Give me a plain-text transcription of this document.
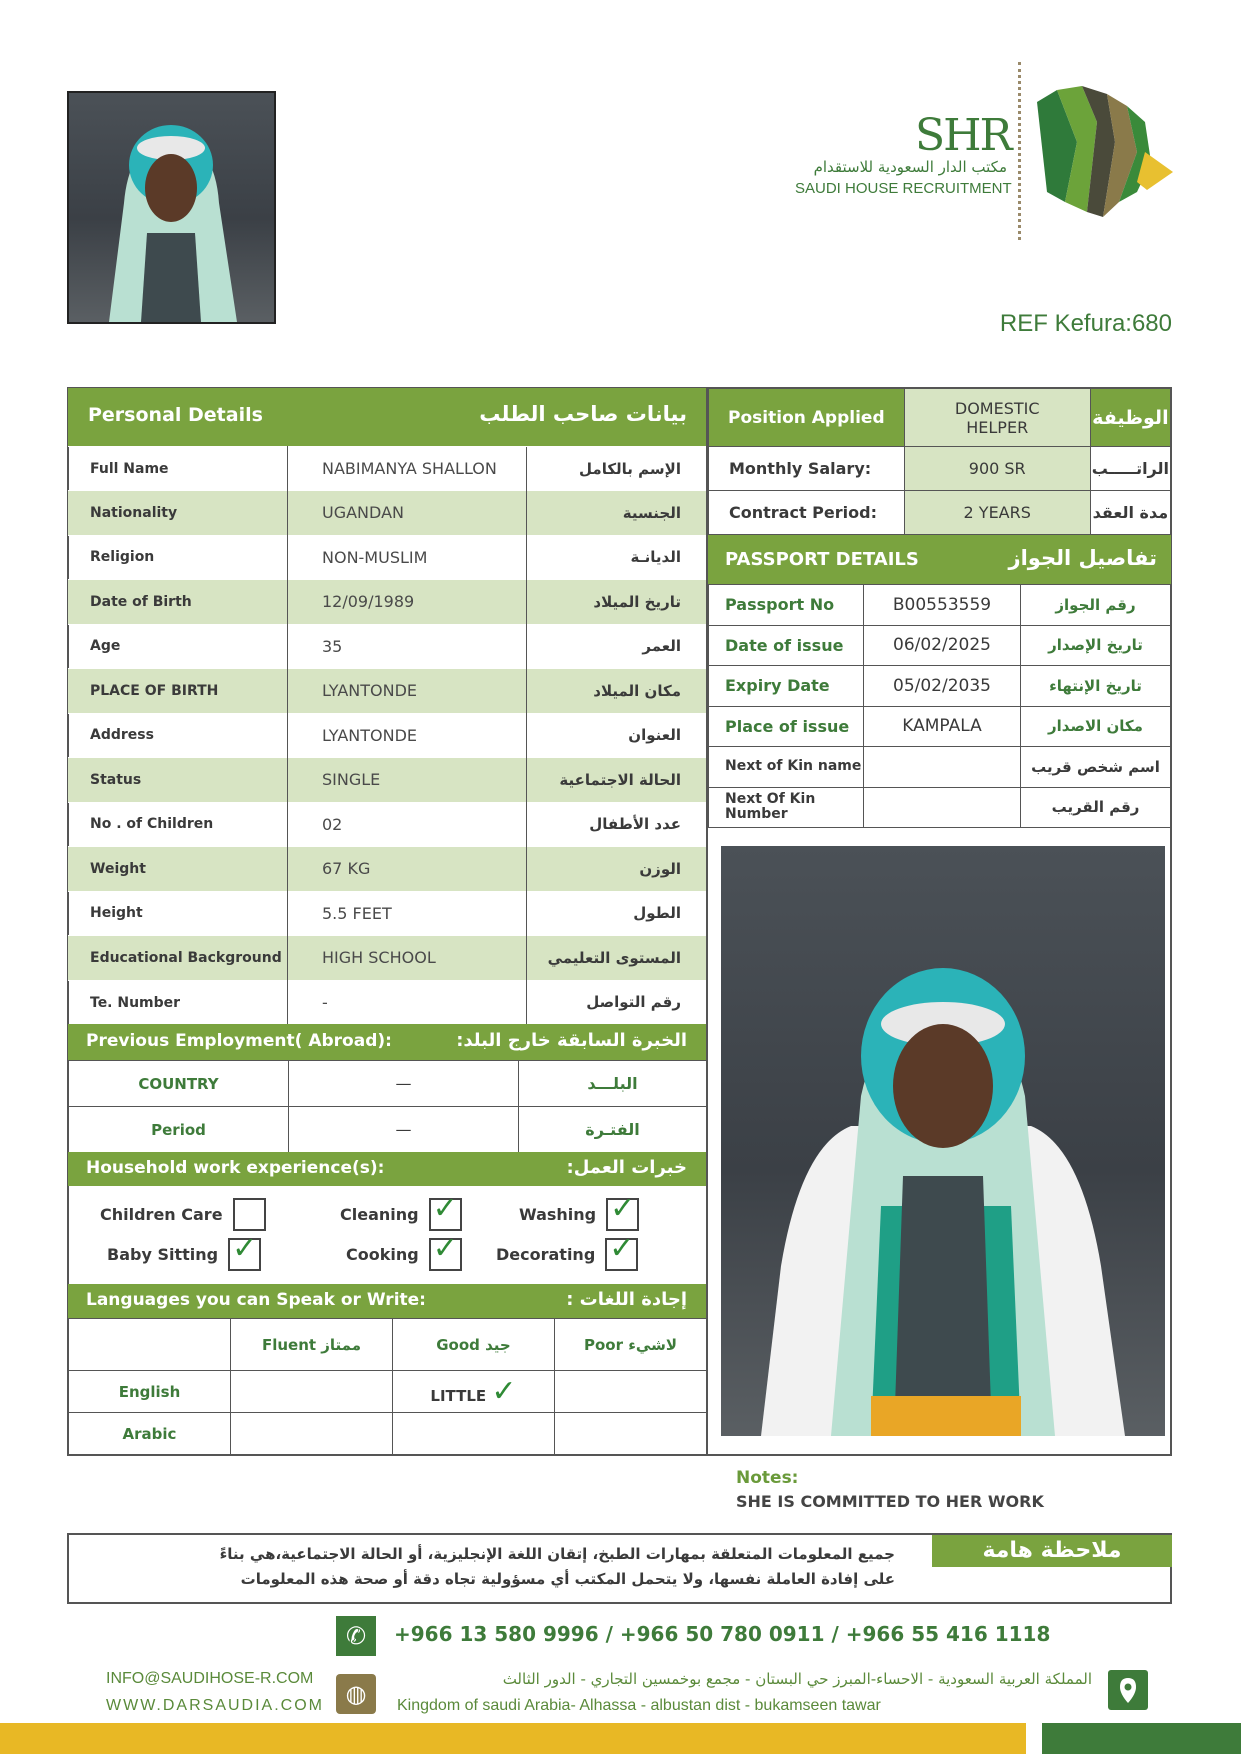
SHR
مكتب الدار السعودية للاستقدام
SAUDI HOUSE RECRUITMENT
REF Kefura:680
Personal Details	بيانات صاحب الطلب
Full Name	NABIMANYA SHALLON	الإسم بالكامل
Nationality	UGANDAN	الجنسية
Religion	NON-MUSLIM	الديانـة
Date of Birth	12/09/1989	تاريخ الميلاد
Age	35	العمر
PLACE OF BIRTH	LYANTONDE	مكان الميلاد
Address	LYANTONDE	العنوان
Status	SINGLE	الحالة الاجتماعية
No . of Children	02	عدد الأطفال
Weight	67 KG	الوزن
Height	5.5 FEET	الطول
Educational Background	HIGH SCHOOL	المستوى التعليمي
Te. Number	-	رقم التواصل
Previous Employment( Abroad):	الخبرة السابقة خارج البلد:
COUNTRY	—	البلـــد
Period	—	الفتـرة
Household work experience(s):	خبرات العمل:
Children Care	Cleaning ✓	Washing ✓
Baby Sitting ✓	Cooking ✓ Decorating ✓
Languages you can Speak or Write:	إجادة اللغات :
	Fluent ممتاز	Good جيد	Poor لاشيء
English		LITTLE ✓	
Arabic			
Position Applied	DOMESTIC HELPER	الوظيفة
Monthly Salary:	900 SR	الراتـــــب
Contract Period:	2 YEARS	مدة العقد
PASSPORT DETAILS	تفاصيل الجواز
Passport No	B00553559	رقم الجواز
Date of issue	06/02/2025	تاريخ الإصدار
Expiry Date	05/02/2035	تاريخ الإنتهاء
Place of issue	KAMPALA	مكان الاصدار
Next of Kin name		اسم شخص قريب
Next Of Kin Number		رقم القريب
Notes:
SHE IS COMMITTED TO HER WORK
ملاحظة هامة
جميع المعلومات المتعلقة بمهارات الطبخ، إتقان اللغة الإنجليزية، أو الحالة الاجتماعية،هي بناءً
على إفادة العاملة نفسها، ولا يتحمل المكتب أي مسؤولية تجاه دقة أو صحة هذه المعلومات
✆	+966 13 580 9996 / +966 50 780 0911 / +966 55 416 1118
INFO@SAUDIHOSE-R.COM
WWW.DARSAUDIA.COM ◍
المملكة العربية السعودية - الاحساء-المبرز حي البستان - مجمع بوخمسين التجاري - الدور الثالث
Kingdom of saudi Arabia- Alhassa - albustan dist - bukamseen tawar
